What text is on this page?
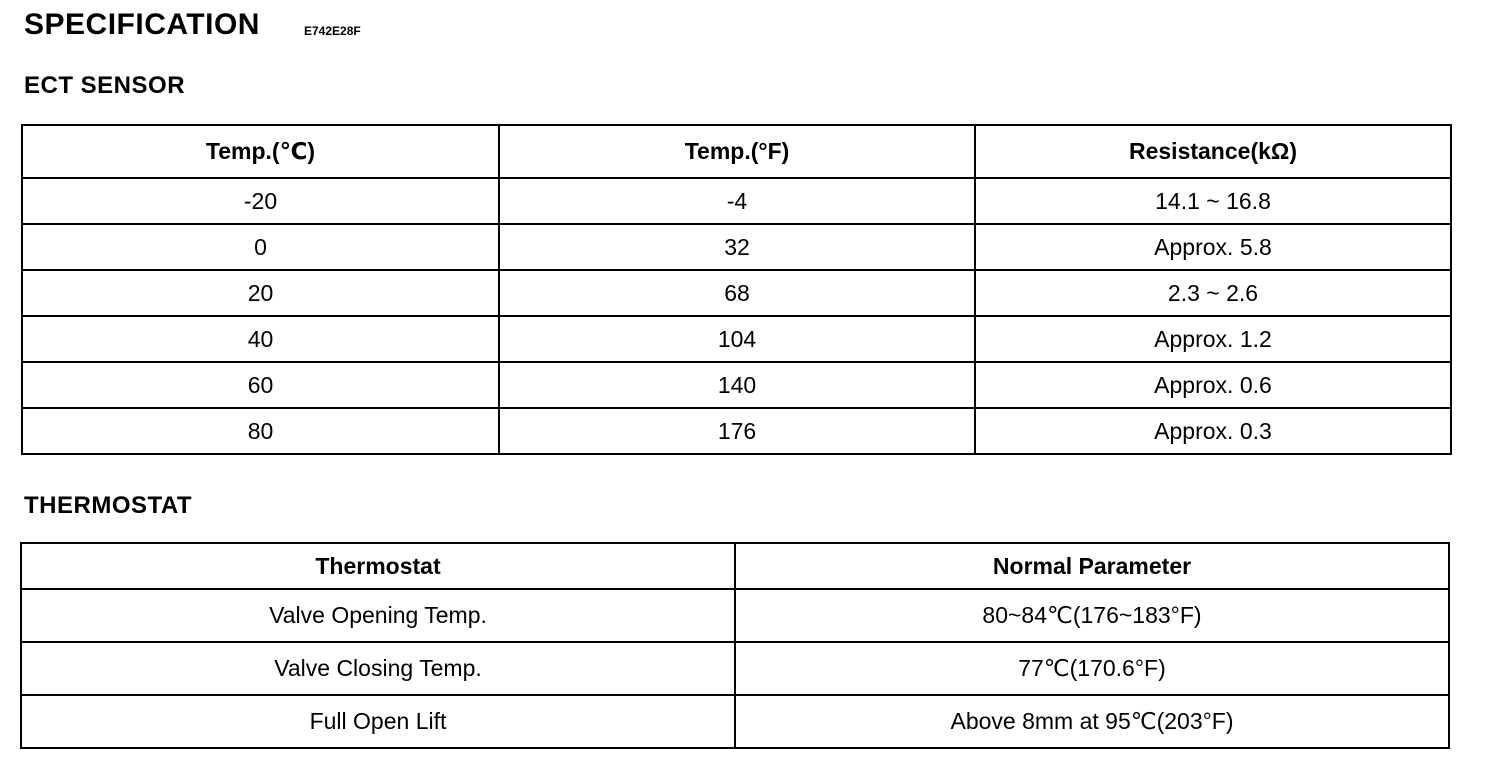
SPECIFICATION	E742E28F
ECT SENSOR
Temp.(℃)	Temp.(°F)	Resistance(kΩ)
-20	-4	14.1 ~ 16.8
0	32	Approx. 5.8
20	68	2.3 ~ 2.6
40	104	Approx. 1.2
60	140	Approx. 0.6
80	176	Approx. 0.3
THERMOSTAT
Thermostat	Normal Parameter
Valve Opening Temp.	80~84℃(176~183°F)
Valve Closing Temp.	77℃(170.6°F)
Full Open Lift	Above 8mm at 95℃(203°F)
